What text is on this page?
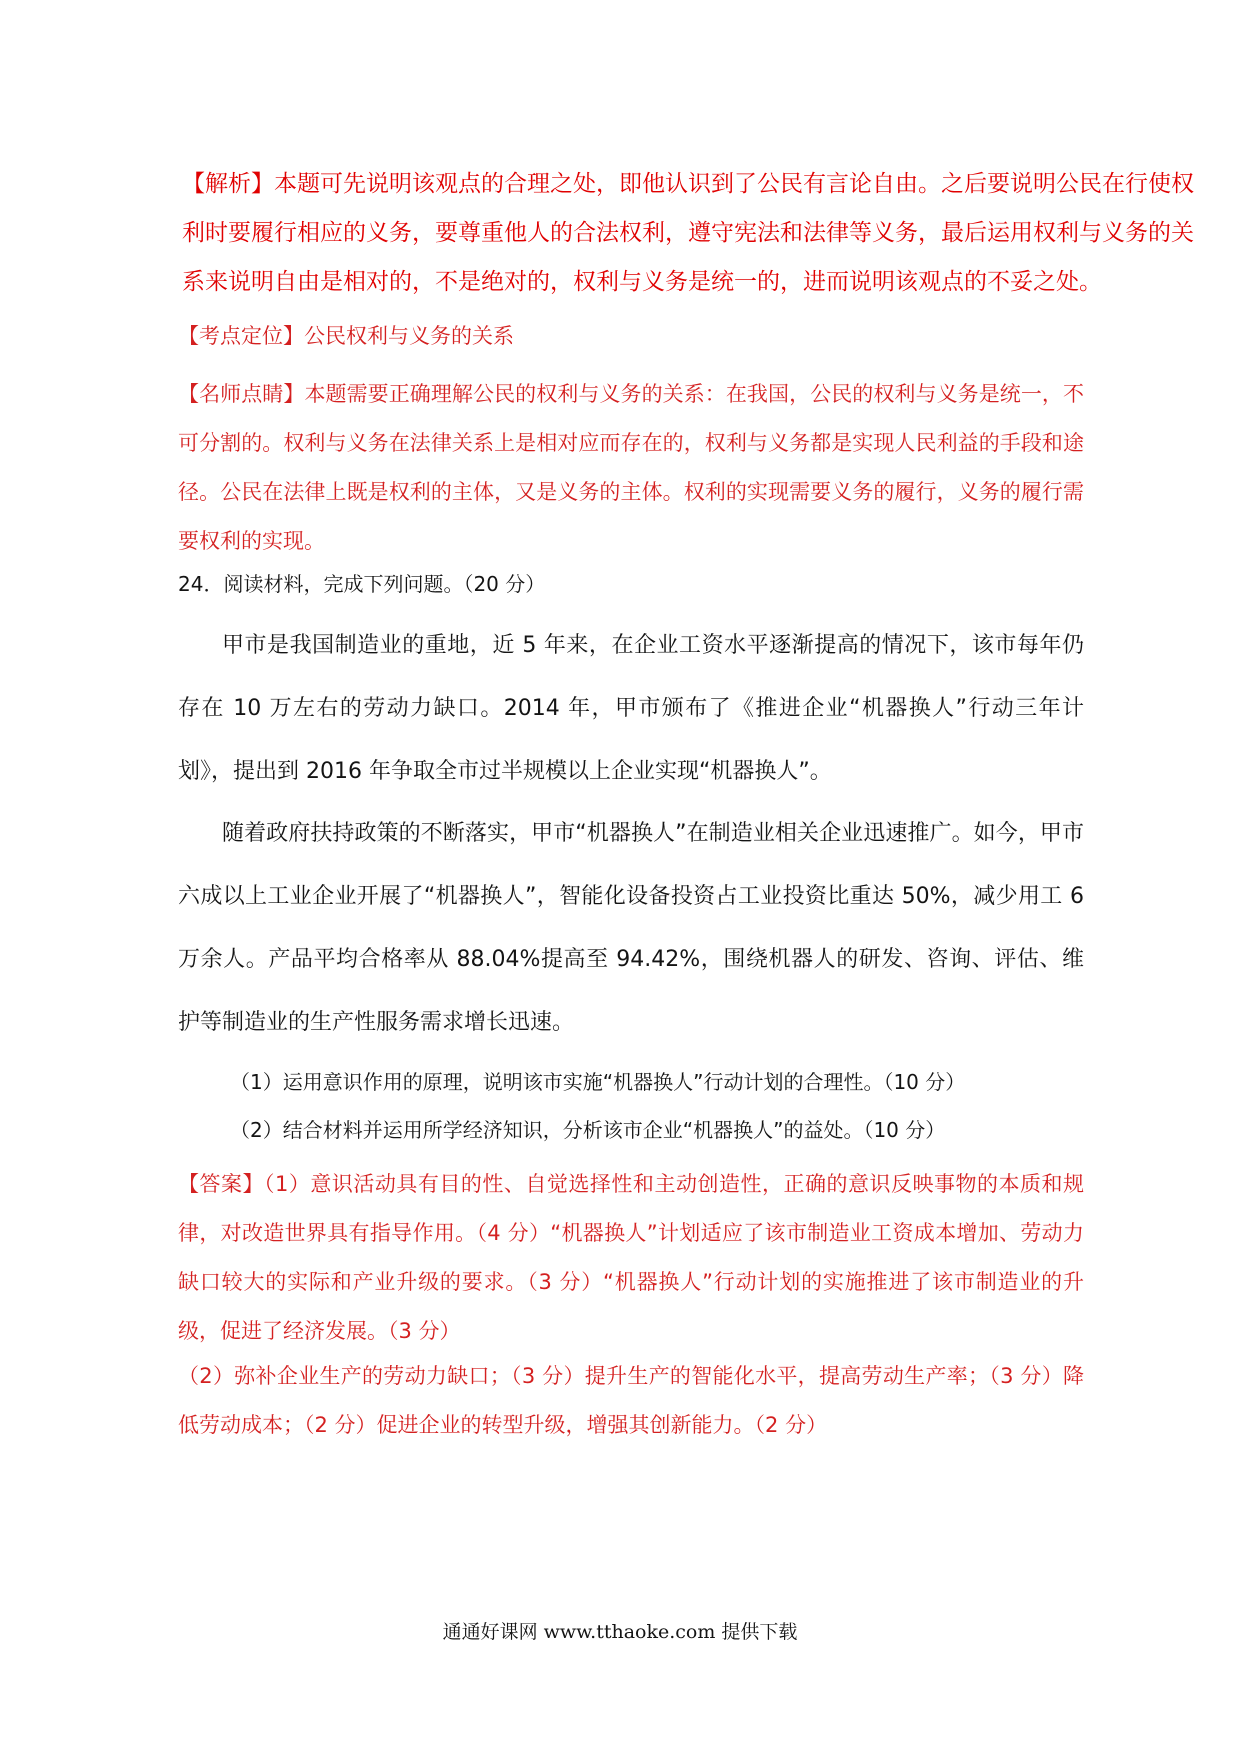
【解析】本题可先说明该观点的合理之处，即他认识到了公民有言论自由。之后要说明公民在行使权利时要履行相应的义务，要尊重他人的合法权利，遵守宪法和法律等义务，最后运用权利与义务的关系来说明自由是相对的，不是绝对的，权利与义务是统一的，进而说明该观点的不妥之处。

【考点定位】公民权利与义务的关系

【名师点睛】本题需要正确理解公民的权利与义务的关系：在我国，公民的权利与义务是统一，不可分割的。权利与义务在法律关系上是相对应而存在的，权利与义务都是实现人民利益的手段和途径。公民在法律上既是权利的主体，又是义务的主体。权利的实现需要义务的履行，义务的履行需要权利的实现。

24．阅读材料，完成下列问题。（20 分）

甲市是我国制造业的重地，近 5 年来，在企业工资水平逐渐提高的情况下，该市每年仍存在 10 万左右的劳动力缺口。2014 年，甲市颁布了《推进企业“机器换人”行动三年计划》，提出到 2016 年争取全市过半规模以上企业实现“机器换人”。

随着政府扶持政策的不断落实，甲市“机器换人”在制造业相关企业迅速推广。如今，甲市六成以上工业企业开展了“机器换人”，智能化设备投资占工业投资比重达 50%，减少用工 6 万余人。产品平均合格率从 88.04%提高至 94.42%，围绕机器人的研发、咨询、评估、维护等制造业的生产性服务需求增长迅速。

（1）运用意识作用的原理，说明该市实施“机器换人”行动计划的合理性。（10 分）

（2）结合材料并运用所学经济知识，分析该市企业“机器换人”的益处。（10 分）

【答案】（1）意识活动具有目的性、自觉选择性和主动创造性，正确的意识反映事物的本质和规律，对改造世界具有指导作用。（4 分）“机器换人”计划适应了该市制造业工资成本增加、劳动力缺口较大的实际和产业升级的要求。（3 分）“机器换人”行动计划的实施推进了该市制造业的升级，促进了经济发展。（3 分）

（2）弥补企业生产的劳动力缺口；（3 分）提升生产的智能化水平，提高劳动生产率；（3 分）降低劳动成本；（2 分）促进企业的转型升级，增强其创新能力。（2 分）

通通好课网 www.tthaoke.com 提供下载
